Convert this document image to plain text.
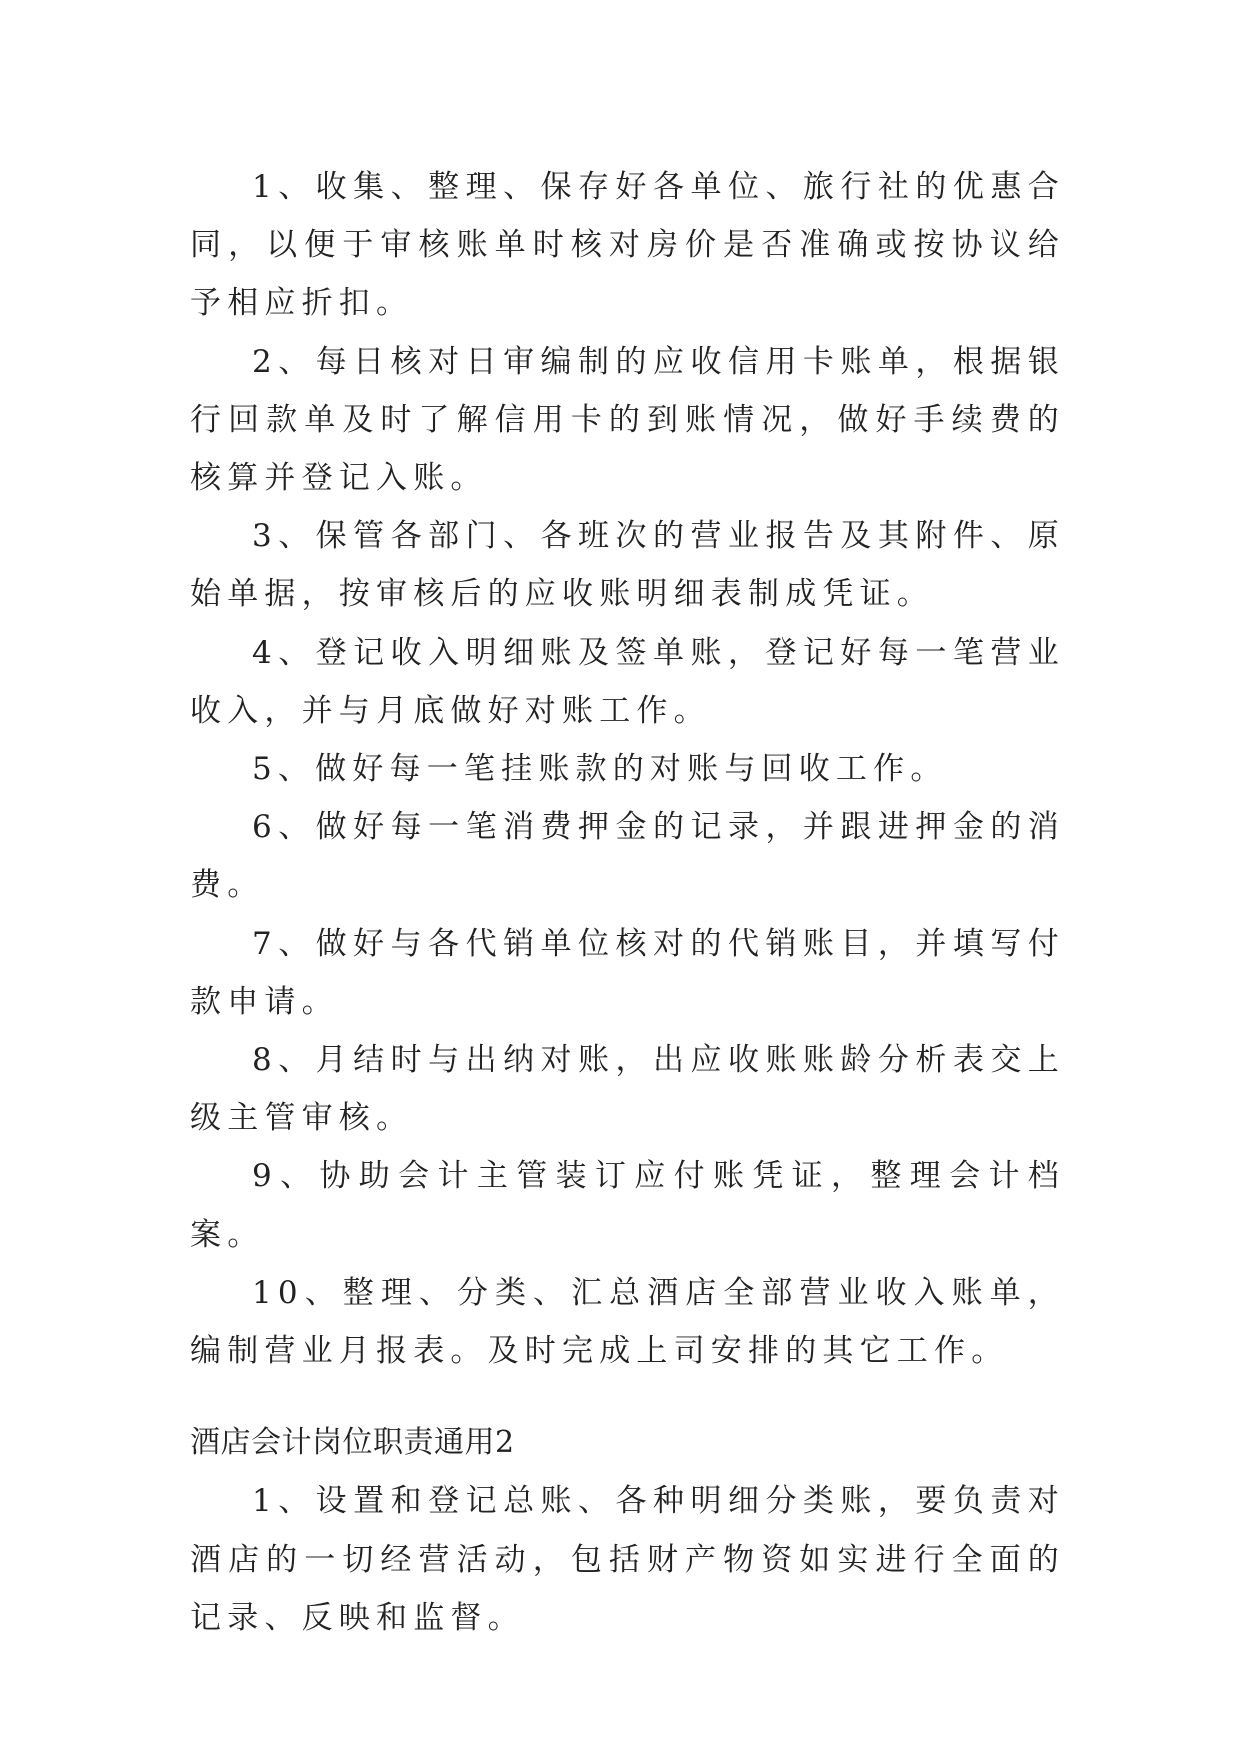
1、收集、整理、保存好各单位、旅行社的优惠合同，以便于审核账单时核对房价是否准确或按协议给予相应折扣。

2、每日核对日审编制的应收信用卡账单，根据银行回款单及时了解信用卡的到账情况，做好手续费的核算并登记入账。

3、保管各部门、各班次的营业报告及其附件、原始单据，按审核后的应收账明细表制成凭证。

4、登记收入明细账及签单账，登记好每一笔营业收入，并与月底做好对账工作。

5、做好每一笔挂账款的对账与回收工作。

6、做好每一笔消费押金的记录，并跟进押金的消费。

7、做好与各代销单位核对的代销账目，并填写付款申请。

8、月结时与出纳对账，出应收账账龄分析表交上级主管审核。

9、协助会计主管装订应付账凭证，整理会计档案。

10、整理、分类、汇总酒店全部营业收入账单，编制营业月报表。及时完成上司安排的其它工作。

酒店会计岗位职责通用2

1、设置和登记总账、各种明细分类账，要负责对酒店的一切经营活动，包括财产物资如实进行全面的记录、反映和监督。
